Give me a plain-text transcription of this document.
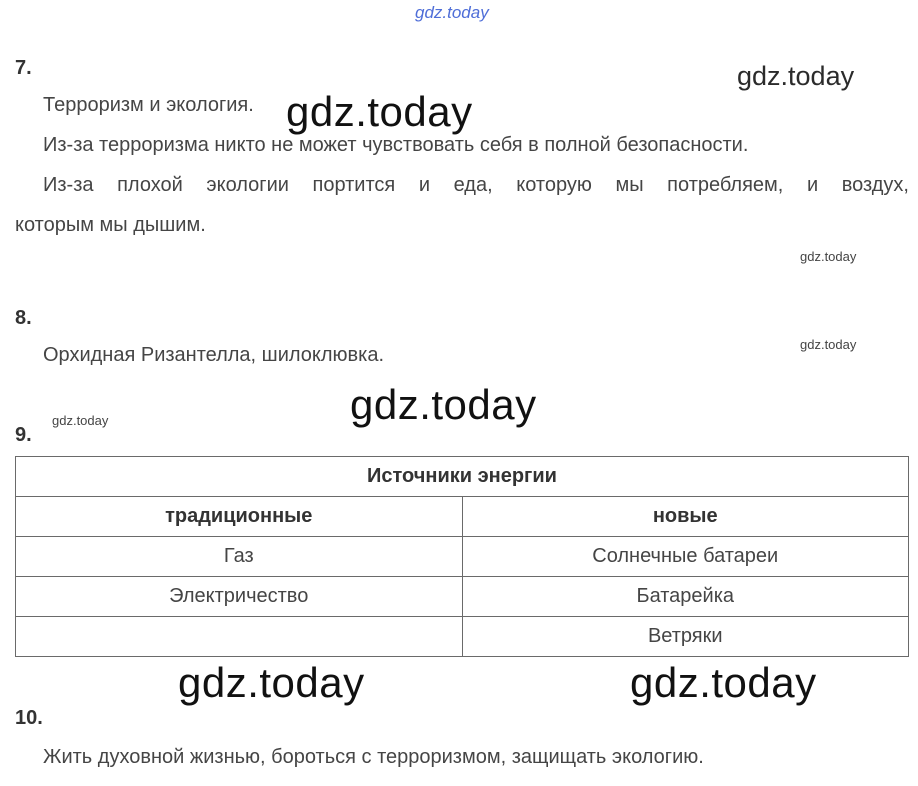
gdz.today
7.	gdz.today
Терроризм и экология. gdz.today
Из-за терроризма никто не может чувствовать себя в полной безопасности.
Из-за плохой экологии портится и еда, которую мы потребляем, и воздух,
которым мы дышим.
gdz.today
8.
gdz.today
Орхидная Ризантелла, шилоклювка.
gdz.today
gdz.today
9.
Источники энергии	
традиционные	новые
Газ	Солнечные батареи
Электричество	Батарейка
	Ветряки
gdz.today	gdz.today
10.
Жить духовной жизнью, бороться с терроризмом, защищать экологию.
